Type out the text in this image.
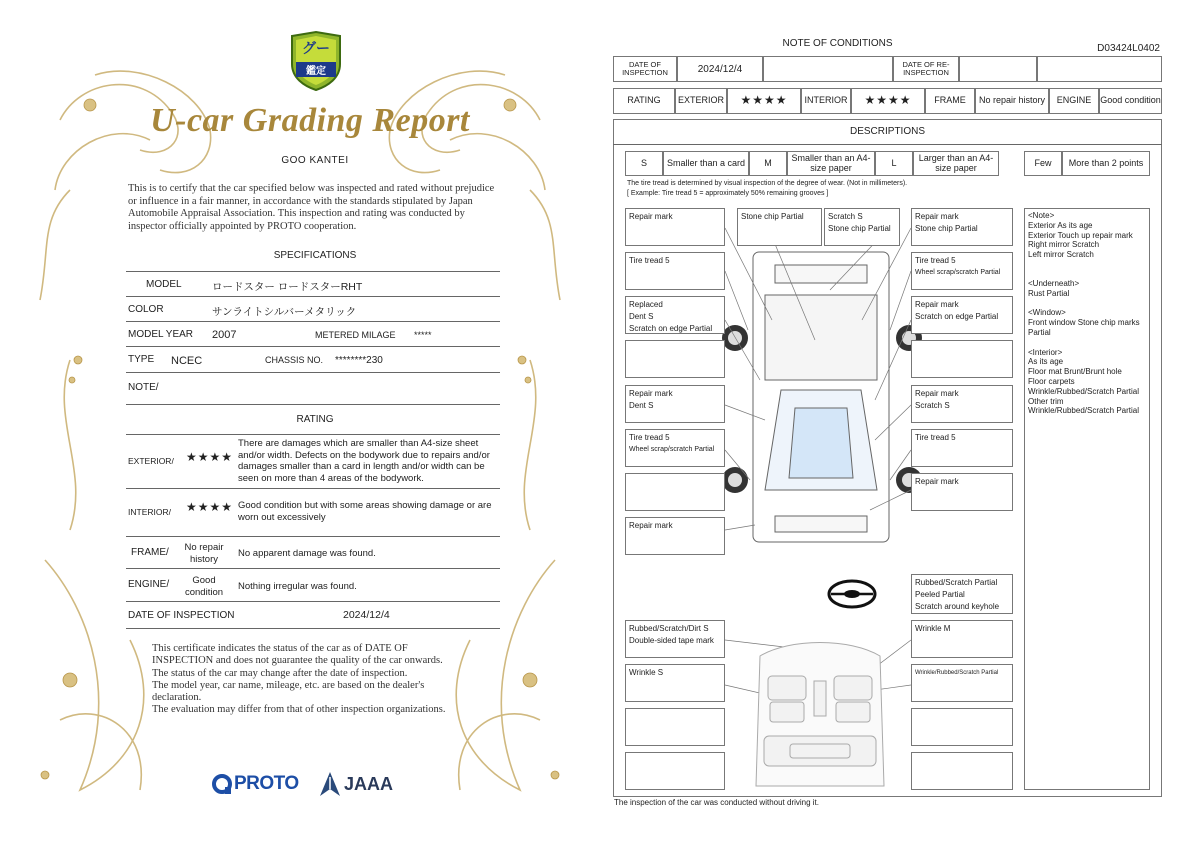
グー
鑑定
U-car Grading Report
GOO KANTEI
This is to certify that the car specified below was inspected and rated without prejudice or influence in a fair manner, in accordance with the standards stipulated by Japan Automobile Appraisal Association. This inspection and rating was conducted by inspector officially appointed by PROTO cooperation.
SPECIFICATIONS
MODEL	ロードスター ロードスターRHT
COLOR	サンライトシルバーメタリック
MODEL YEAR 2007	METERED MILAGE *****
TYPE NCEC	CHASSIS NO. ********230
NOTE/
RATING
EXTERIOR/ ★★★★
There are damages which are smaller than A4-size sheet and/or width. Defects on the bodywork due to repairs and/or damages smaller than a card in length and/or width can be seen on more than 4 areas of the bodywork.
INTERIOR/ ★★★★ Good condition but with some areas showing damage or are worn out excessively
FRAME/	No repair history	No apparent damage was found.
ENGINE/	Good condition	Nothing irregular was found.
DATE OF INSPECTION	2024/12/4
This certificate indicates the status of the car as of DATE OF
INSPECTION and does not guarantee the quality of the car onwards.
The status of the car may change after the date of inspection.
The model year, car name, mileage, etc. are based on the dealer's
declaration.
The evaluation may differ from that of other inspection organizations.
PROTO	JAAA
NOTE OF CONDITIONS	D03424L0402
DATE OF INSPECTION	2024/12/4	DATE OF RE-INSPECTION
RATING	EXTERIOR	★★★★	INTERIOR	★★★★	FRAME	No repair history	ENGINE Good condition
DESCRIPTIONS
S	Smaller than a card	M	Smaller than an A4-size paper	L	Larger than an A4-size paper	Few	More than 2 points
The tire tread is determined by visual inspection of the degree of wear. (Not in millimeters).
[ Example: Tire tread 5 = approximately 50% remaining grooves ]
Repair mark
Tire tread 5
Replaced
Dent S
Scratch on edge Partial
Repair mark
Dent S
Tire tread 5
Wheel scrap/scratch Partial
Repair mark
Stone chip Partial	Scratch S
Stone chip Partial
Repair mark
Stone chip Partial
Tire tread 5
Wheel scrap/scratch Partial
Repair mark
Scratch on edge Partial
Repair mark
Scratch S
Tire tread 5
Repair mark
Rubbed/Scratch Partial
Peeled Partial
Scratch around keyhole
Rubbed/Scratch/Dirt S
Double-sided tape mark
Wrinkle S
Wrinkle M
Wrinkle/Rubbed/Scratch Partial
<Note>
Exterior As its age
Exterior Touch up repair mark
Right mirror Scratch
Left mirror Scratch
<Underneath>
Rust Partial
<Window>
Front window Stone chip marks Partial
<Interior>
As its age
Floor mat Brunt/Brunt hole
Floor carpets
Wrinkle/Rubbed/Scratch Partial
Other trim
Wrinkle/Rubbed/Scratch Partial
The inspection of the car was conducted without driving it.
